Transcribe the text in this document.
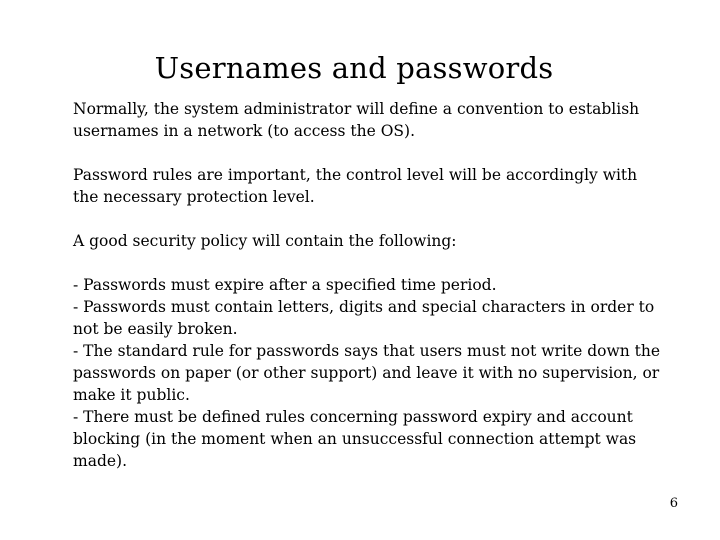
Usernames and passwords

Normally, the system administrator will define a convention to establish usernames in a network (to access the OS).

Password rules are important, the control level will be accordingly with the necessary protection level.

A good security policy will contain the following:

- Passwords must expire after a specified time period.

- Passwords must contain letters, digits and special characters in order to not be easily broken.

- The standard rule for passwords says that users must not write down the passwords on paper (or other support) and leave it with no supervision, or make it public.

- There must be defined rules concerning password expiry and account blocking (in the moment when an unsuccessful connection attempt was made).

6
